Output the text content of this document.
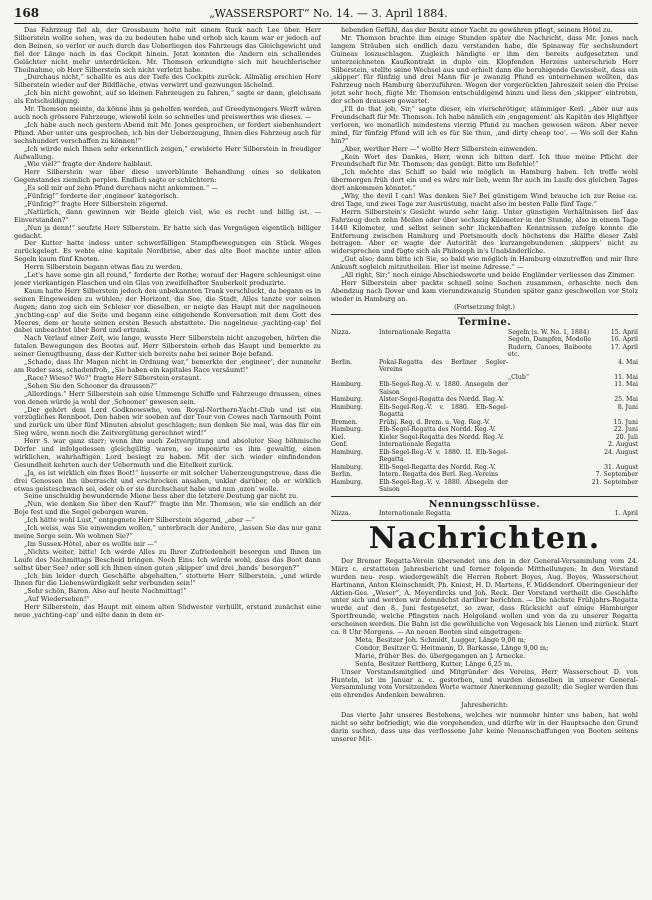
168	„WASSERSPORT“ No. 14. — 3. April 1884.

Das Fahrzeug fiel ab, der Grossbaum holte mit einem Ruck nach Lee über. Herr Silberstein wollte sehen, was da zu bedeuten habe und erhob sich kaum war er jedoch auf den Beinen, so verlor er auch durch das Ueberliegen des Fahrzeugs das Gleichgewicht und fiel der Länge nach in das Cockpit hinein. Jetzt konnten die Andern ein schallendes Gelächter nicht mehr unterdrücken. Mr. Thomson erkundigte sich mit heuchlerischer Theilnahme, ob Herr Silberstein sich nicht verletzt habe.

„Durchaus nicht,“ schallte es aus der Tiefe des Cockpits zurück. Allmälig erschien Herr Silberstein wieder auf der Bildfläche, etwas verwirrt und gezwungen lächelnd.

„Ich bin nicht gewohnt, auf so kleinen Fahrzeugen zu fahren,“ sagte er dann, gleichsam als Entschuldigung.

Mr. Thomson meinte, da könne ihm ja geholfen werden, auf Greedymongers Werft wären auch noch grössere Fahrzeuge, wiewohl kein so schnelles und preiswerthes wie dieses. —

„Ich habe auch noch gestern Abend mit Mr. Jones gesprochen, er fordert siebenhundert Pfund. Aber unter uns gesprochen, ich bin der Ueberzeugung, Ihnen dies Fahrzeug auch für sechshundert verschaffen zu können!“

„Ich würde mich Ihnen sehr erkenntlich zeigen,“ erwiderte Herr Silberstein in freudiger Aufwallung.

„Wie viel?“ fragte der Andere halblaut.

Herr Silberstein war über diese unverblümte Behandlung eines so delikaten Gegenstandes ziemlich perplex. Endlich sagte er schüchtern:

„Es soll mir auf zehn Pfund durchaus nicht ankommen.“ —

„Fünfzig!“ forderte der ‚engineer‘ kategorisch.

„Fünfzig?“ fragte Herr Silberstein zögernd.

„Natürlich, dann gewinnen wir Beide gleich viel, wie es recht und billig ist. — Einverstanden?“

„Nun ja denn!“ seufzte Herr Silberstein. Er hatte sich das Vergnügen eigentlich billiger gedacht.

Der Kutter hatte indess unter schwerfälligen Stampfbewegungen ein Stück Weges zurückgelegt. Es wehte eine kapitale Nordbrise, aber das alte Boot machte unter allen Segeln kaum fünf Knoten.

Herrn Silberstein begann etwas flau zu werden.

„Let's have some gin all round,“ forderte der Rothe, worauf der Hagere schleunigst eine jener vierkantigen Flaschen und ein Glas von zweifelhafter Sauberkeit produzirte.

Kaum hatte Herr Silberstein jedoch den unbekannten Trank verschluckt, da begann es in seinen Eingeweiden zu wühlen; der Horizont, die See, die Stadt, Alles tanzte vor seinen Augen; dann zog sich ein Schleier vor dieselben, er neigte das Haupt mit der nagelneuen ‚yachting-cap‘ auf die Seite und begann eine eingehende Konversation mit dem Gott des Meeres, dem er heute seinen ersten Besuch abstattete. Die nagelneue ‚yachting-cap‘ fiel dabei unbeachtet über Bord und ertrank.

Nach Verlauf einer Zeit, wie lange, wusste Herr Silberstein nicht anzugeben, hörten die fatalen Bewegungen des Bootes auf. Herr Silberstein erhob das Haupt und bemerkte zu seiner Genugthuung, dass der Kutter sich bereits nahe bei seiner Boje befand.

„Schade, dass Ihr Magen nicht in Ordnung war,“ bemerkte der ‚engineer‘, der nunmehr am Ruder sass, schadenfroh, „Sie haben ein kapitales Race versäumt!“

„Race? Wieso? Wo?“ fragte Herr Silberstein erstaunt.

„Sehen Sie den Schooner da draussen?“

„Allerdings.“ Herr Silberstein sah eine Ummenge Schiffe und Fahrzeuge draussen, eines von denen würde ja wohl der ‚Schooner‘ gewesen sein.

„Der gehört dem Lord Godknowswho, vom Royal-Northern-Yacht-Club und ist ein vorzügliches Rennboot. Den haben wir soeben auf der Tour von Cowes nach Yarmouth Point und zurück um über fünf Minuten absolut geschlagen; nun denken Sie mal, was das für ein Sieg wäre, wenn noch die Zeitvergütung gerechnet wird!“

Herr S. war ganz starr; wenn ihm auch Zeitvergütung und absoluter Sieg böhmische Dörfer und infolgedessen gleichgültig waren, so imponirte es ihm gewaltig, einen wirklichen, wahrhaftigen Lord besiegt zu haben. Mit der sich wieder einfindenden Gesundheit kehrten auch der Uebermuth und die Eitelkeit zurück.

„Ja, es ist wirklich ein fixes Boot!“ äusserte er mit solcher Ueberzeugungstreue, dass die drei Genossen ihn überrascht und erschrocken ansahen, unklar darüber, ob er wirklich etwas geisteschwach sei, oder ob er sie durchschaut habe und nun ‚uzen‘ wolle.

Seine unschuldig bewundernde Miene liess aber die letztere Deutung gar nicht zu.

„Nun, wie denken Sie über den Kauf?“ fragte ihn Mr. Thomson, wie sie endlich an der Boje fest und die Segel geborgen waren.

„Ich hätte wohl Lust,“ entgegnete Herr Silberstein zögernd, „aber —“

„Ich weiss, was Sie einwenden wollen,“ unterbrach der Andere, „lassen Sie das nur ganz meine Sorge sein. Wo wohnen Sie?“

„Im Sussex-Hôtel, aber es wollte mir —“

„Nichts weiter, bitte! Ich werde Alles zu Ihrer Zufriedenheit besorgen und Ihnen im Laufe des Nachmittags Bescheid bringen. Noch Eins: Ich würde wohl, dass das Boot dann selbst über See? oder soll ich Ihnen einen guten ‚skipper‘ und drei ‚hands‘ besorgen?“

„Ich bin leider durch Geschäfte abgehalten,“ stotterte Herr Silberstein, „und würde Ihnen für die Liebenswürdigkeit sehr verbunden sein!“

„Sehr schön, Baron. Also auf heute Nachmittag!“

„Auf Wiedersehen!“

Herr Silberstein, das Haupt mit einem alten Südwester verhüllt, erstand zunächst eine neue ‚yachting-cap‘ und eilte dann in dem er-

hebenden Gefühl, das der Besitz einer Yacht zu gewähren pflegt, seinem Hôtel zu.

Mr. Thomson brachte ihm einige Stunden später die Nachricht, dass Mr. Jones nach langem Sträuben sich endlich dazu verstanden habe, die Spinaway für sechshundert Guineas loszuschlagen. Zugleich händigte er ihm den bereits aufgesetzten und unterzeichneten Kaufkontrakt in duplo ein. Klopfenden Herzens unterschrieb Herr Silberstein, stellte seine Wechsel aus und erhielt dann die beruhigende Gewissheit, dass ein ‚skipper‘ für fünfzig und drei Mann für je zwanzig Pfund es unternehmen wollten, das Fahrzeug nach Hamburg überzuführen. Wegen der vorgerückten Jahreszeit seien die Preise jetzt sehr hoch, fügte Mr. Thomson entschuldigend hinzu und liess den ‚skipper‘ eintreten, der schon draussen gewartet.

„I'll do that job, Sir,“ sagte dieser, ein vierschrötiger, stämmiger Kerl. „Aber nur aus Freundschaft für Mr. Thomson. Ich habe nämlich ein ‚engagement‘ als Kapitän des Highflyer verloren, wo monatlich mindestens vierzig Pfund zu machen gewesen wären. Aber never mind, für fünfzig Pfund will ich es für Sie thun, ‚and dirty cheap too‘. — Wo soll der Kahn hin?“

„Aber, werther Herr —“ wollte Herr Silberstein einwenden.

„Kein Wort des Dankes, Herr, wenn ich bitten darf. Ich thue meine Pflicht der Freundschaft für Mr. Thomson; das genügt. Bitte um Befehle!“

„Ich möchte das Schiff so bald wie möglich in Hamburg haben. Ich treffe wohl übermorgen früh dort ein und es wäre mir lieb, wenn Ihr auch im Laufe des gleichen Tages dort ankommen könntet.“

„Why, the devil I can! Was denken Sie? Bei günstigem Wind brauche ich zur Reise ca. drei Tage, und zwei Tage zur Ausrüstung, macht also im besten Falle fünf Tage.“

Herrn Silberstein's Gesicht wurde sehr lang. Unter günstigen Verhältnissen lief das Fahrzeug doch zehn Meilen oder über sechszig Kilometer in der Stunde, also in einem Tage 1440 Kilometer, und selbst seinen sehr lückenhaften Kenntnissen zufolge konnte die Entfernung zwischen Hamburg und Portsmouth doch höchstens die Hälfte dieser Zahl betragen. Aber er wagte der Autorität des kurzangebundenen ‚skippers‘ nicht zu widersprechen und fügte sich als Philosoph in's Unabänderliche.

„Gut also; dann bitte ich Sie, so bald wie möglich in Hamburg einzutreffen und mir Ihre Ankunft sogleich mitzutheilen. Hier ist meine Adresse.“ —

„All right, Sir;“ noch einige Abschiedsworte und beide Engländer verliessen das Zimmer.

Herr Silberstein aber packte schnell seine Sachen zusammen, erhaschte noch den Abendzug nach Dover und kam vierundzwanzig Stunden später ganz geschwollen vor Stolz wieder in Hamburg an.

(Fortsetzung folgt.)
Termine.
Nizza.	Internationale Regatta	Segeln (s. W. No. 1, 1884)	15. April
		Segeln, Dampfen, Modelle	16. April
		Rudern, Canoes, Baiboote etc.	17. April
Berlin.	Pokal-Regatta des Berliner Segler-Vereins		4. Mai
		„Club“	11. Mai
Hamburg.	Elb-Segel-Reg.-V. v. 1880. Ansegeln der Saison		11. Mai
Hamburg.	Alster-Segel-Regatta des Nordd. Reg.-V.		25. Mai
Hamburg.	Elb-Segel-Reg.-V. v. 1880. Elb-Segel-Regatta		8. Juni
Bremen.	Frühj. Reg. d. Brem. u. Veg. Reg.-V.		15. Juni
Hamburg.	Elb-Segel-Regatta des Nordd. Reg.-V.		22. Juni
Kiel.	Kieler Segel-Regatta des Nordd. Reg.-V.		20. Juli
Genf.	Internationale Regatta		2. August
Hamburg.	Elb-Segel-Reg.-V. v. 1880. II. Elb-Segel-Regatta		24. August
Hamburg.	Elb-Segel-Regatta des Nordd. Reg.-V.		31. August
Berlin.	Intern. Regatta des Berl. Reg.-Vereins		7. September
Hamburg.	Elb-Segel-Reg.-V. v. 1880. Absegeln der Saison		21. September
Nennungsschlüsse.
Nizza.	Internationale Regatta		1. April
Nachrichten.

Der Bremer Regatta-Verein übersendet uns den in der General-Versammlung vom 24. März c. erstatteten Jahresbericht und ferner folgende Mittheilungen: In den Vorstand wurden neu- resp. wiedergewählt die Herren Robert Boyes, Aug. Boyes, Wasserschout Hartmann, Anton Kleinschmidt, Ph. Kniest, H. D. Martens, F. Middendorf. Oberingenieur der Aktien-Ges. „Weser“, A. Meyerdircks und Joh. Reck. Der Vorstand vertheilt die Geschäfte unter sich und werden wir demnächst darüber berichten. — Die nächste Frühjahrs-Regatta wurde auf den 8. Juni festgesetzt, so zwar, dass Rücksicht auf einige Hamburger Sportfreunde, welche Pfingsten nach Helgoland wollen und von da zu unserer Regatta erscheinen werden. Die Bahn ist die gewöhnliche von Vegesack bis Lienen und zurück. Start ca. 8 Uhr Morgens. — An neuen Booten sind eingetragen:

Meta, Besitzer Joh. Schmidt, Lugger, Länge 9,00 m;

Condor, Besitzer G. Heitmann, D. Barkasse, Länge 9,00 m;

Marie, früher Bes. do. übergegangen an J. Arnecke.

Senta, Besitzer Rettberg, Kutter, Länge 6,25 m.

Unser Vorstandsmitglied und Mitgründer des Vereins, Herr Wasserschout D. von Hunteln, ist im Januar a. c. gestorben, und wurden demselben in unserer General-Versammlung vom Vorsitzenden Worte warmer Anerkennung gezollt; die Segler werden ihm ein ehrendes Andenken bewahren.

Jahresbericht:

Das vierte Jahr unseres Bestehens, welches wir nunmehr hinter uns haben, hat wohl nicht so sehr befriedigt, wie die vorgehenden, und dürfte wir in der Hauptsache den Grund darin suchen, dass uns das verflossene Jahr keine Neuanschaffungen von Booten seitens unserer Mit-
